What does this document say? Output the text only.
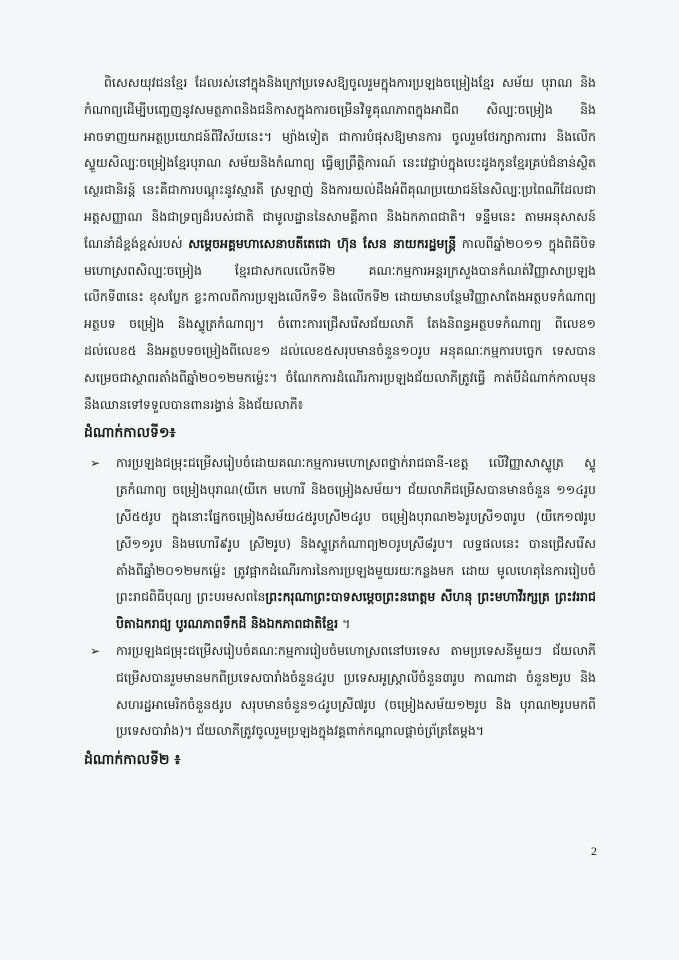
ពិសេសយុវជនខ្មែរ ដែលរស់នៅក្នុងនិងក្រៅប្រទេសឱ្យចូលរួមក្នុងការប្រឡងចម្រៀងខ្មែរ សម័យ បុរាណ និងកំណាព្យដើម្បីបញ្ចេញនូវសមត្ថភាពនិងជនិកាសក្នុងការចម្រើនវិទូគុណភាពក្នុងអាជីព សិល្បៈចម្រៀង និងអាចទាញយកអត្ថប្រយោជន៍ពីវិស័យនេះ។ ម្យ៉ាងទៀត ជាការបំផុសឱ្យមានការ ចូលរួមថែរក្សាការពារ និងលើកស្ទួយសិល្បៈចម្រៀងខ្មែរបុរាណ សម័យនិងកំណាព្យ ធ្វើឲ្យព្រឹត្តិការណ៍ នេះវេជ្ជាប់ក្នុងបេះដូងកូនខ្មែរគ្រប់ជំនាន់ស្ថិតស្ថេរជានិរន្ត៍ នេះគឺជាការបណ្ដុះនូវស្មារតី ស្រឡាញ់ និងការយល់ដឹងអំពីគុណប្រយោជន៍នៃសិល្បៈប្រពៃណីដែលជាអត្តសញ្ញាណ និងជាទ្រព្យដ៏របស់ជាតិ ជាមូលដ្ឋាននៃសាមគ្គីភាព និងឯកភាពជាតិ។ ទន្ទឹមនេះ តាមអនុសាសន៍ណែនាំដ៏ខ្ពង់ខ្ពស់របស់ សម្ដេចអគ្គមហាសេនាបតីតេជោ ហ៊ុន សែន នាយករដ្ឋមន្ត្រី កាលពីឆ្នាំ២០១១ ក្នុងពិធីបិទមហោស្រពសិល្បៈចម្រៀង ខ្មែរជាសកលលើកទី២ គណៈកម្មការអន្តរក្រសួងបានកំណត់វិញ្ញាសាប្រឡងលើកទី៣នេះ ខុសប្លែក ខ្លះកាលពីការប្រឡងលើកទី១ និងលើកទី២ ដោយមានបន្ថែមវិញ្ញាសាតែងអត្ថបទកំណាព្យ អត្ថបទ ចម្រៀង និងស្ទូត្រកំណាព្យ។ ចំពោះការជ្រើសរើសជ័យលាភី តែងនិពន្ធអត្ថបទកំណាព្យ ពីលេខ១ ដល់លេខ៥ និងអត្ថបទចម្រៀងពីលេខ១ ដល់លេខ៥សរុបមានចំនួន១០រូប អនុគណៈកម្មការបច្ចេក ទេសបានសម្រេចជាស្ថាពរតាំងពីឆ្នាំ២០១២មកម្ល៉េះ។ ចំណែកការដំណើរការប្រឡងជ័យលាភីត្រូវធ្វើ កាត់បីដំណាក់កាលមុននឹងឈានទៅទទួលបានពានរង្វាន់ និងជ័យលាភី៖

ដំណាក់កាលទី១៖
➢	ការប្រឡងជម្រុះជម្រើសរៀបចំដោយគណៈកម្មការមហោស្រពថ្នាក់រាជធានី-ខេត្ត លើវិញ្ញាសាស្ទូត្រ ស្ទូត្រកំណាព្យ ចម្រៀងបុរាណ(យីកេ មហោរី និងចម្រៀងសម័យ។ ជ័យលាភីជម្រើសបានមានចំនួន ១១៤រូបស្រី៥៥រូប ក្នុងនោះផ្នែកចម្រៀងសម័យ៤៥រូបស្រី២៤រូប ចម្រៀងបុរាណ២៦រូបស្រី១៣រូប (យីកេ១៧រូបស្រី១១រូប និងមហោរី៩រូប ស្រី២រូប) និងស្ទូត្រកំណាព្យ២០រូបស្រី៨រូប។ លទ្ធផលនេះ បានជ្រើសរើសតាំងពីឆ្នាំ២០១២មកម្ល៉េះ ត្រូវផ្អាកដំណើរការនៃការប្រឡងមួយរយៈកន្លងមក ដោយ មូលហេតុនៃការរៀបចំព្រះរាជពិធីបុណ្យ ព្រះបរមសពនៃព្រះករុណាព្រះបាទសម្ដេចព្រះនរោត្តម សីហនុ ព្រះមហាវីរក្សត្រ ព្រះវររាជបិតាឯករាជ្យ បូរណភាពទឹកដី និងឯកភាពជាតិខ្មែរ ។

➢	ការប្រឡងជម្រុះជម្រើសរៀបចំគណៈកម្មការរៀបចំមហោស្រពនៅបរទេស តាមប្រទេសនីមួយៗ ជ័យលាភីជម្រើសបានរួមមានមកពីប្រទេសបារាំងចំនួន៤រូប ប្រទេសអូស្ត្រាលីចំនួន៣រូប កាណាដា ចំនួន២រូប និងសហរដ្ឋអាមេរិកចំនួន៥រូប សរុបមានចំនួន១៤រូបស្រី៧រូប (ចម្រៀងសម័យ១២រូប និង បុរាណ២រូបមកពីប្រទេសបារាំង)។ ជ័យលាភីត្រូវចូលរួមប្រឡងក្នុងវគ្គពាក់កណ្ដាលផ្ដាច់ព្រ័ត្រតែម្ដង។

ដំណាក់កាលទី២ ៖
2
